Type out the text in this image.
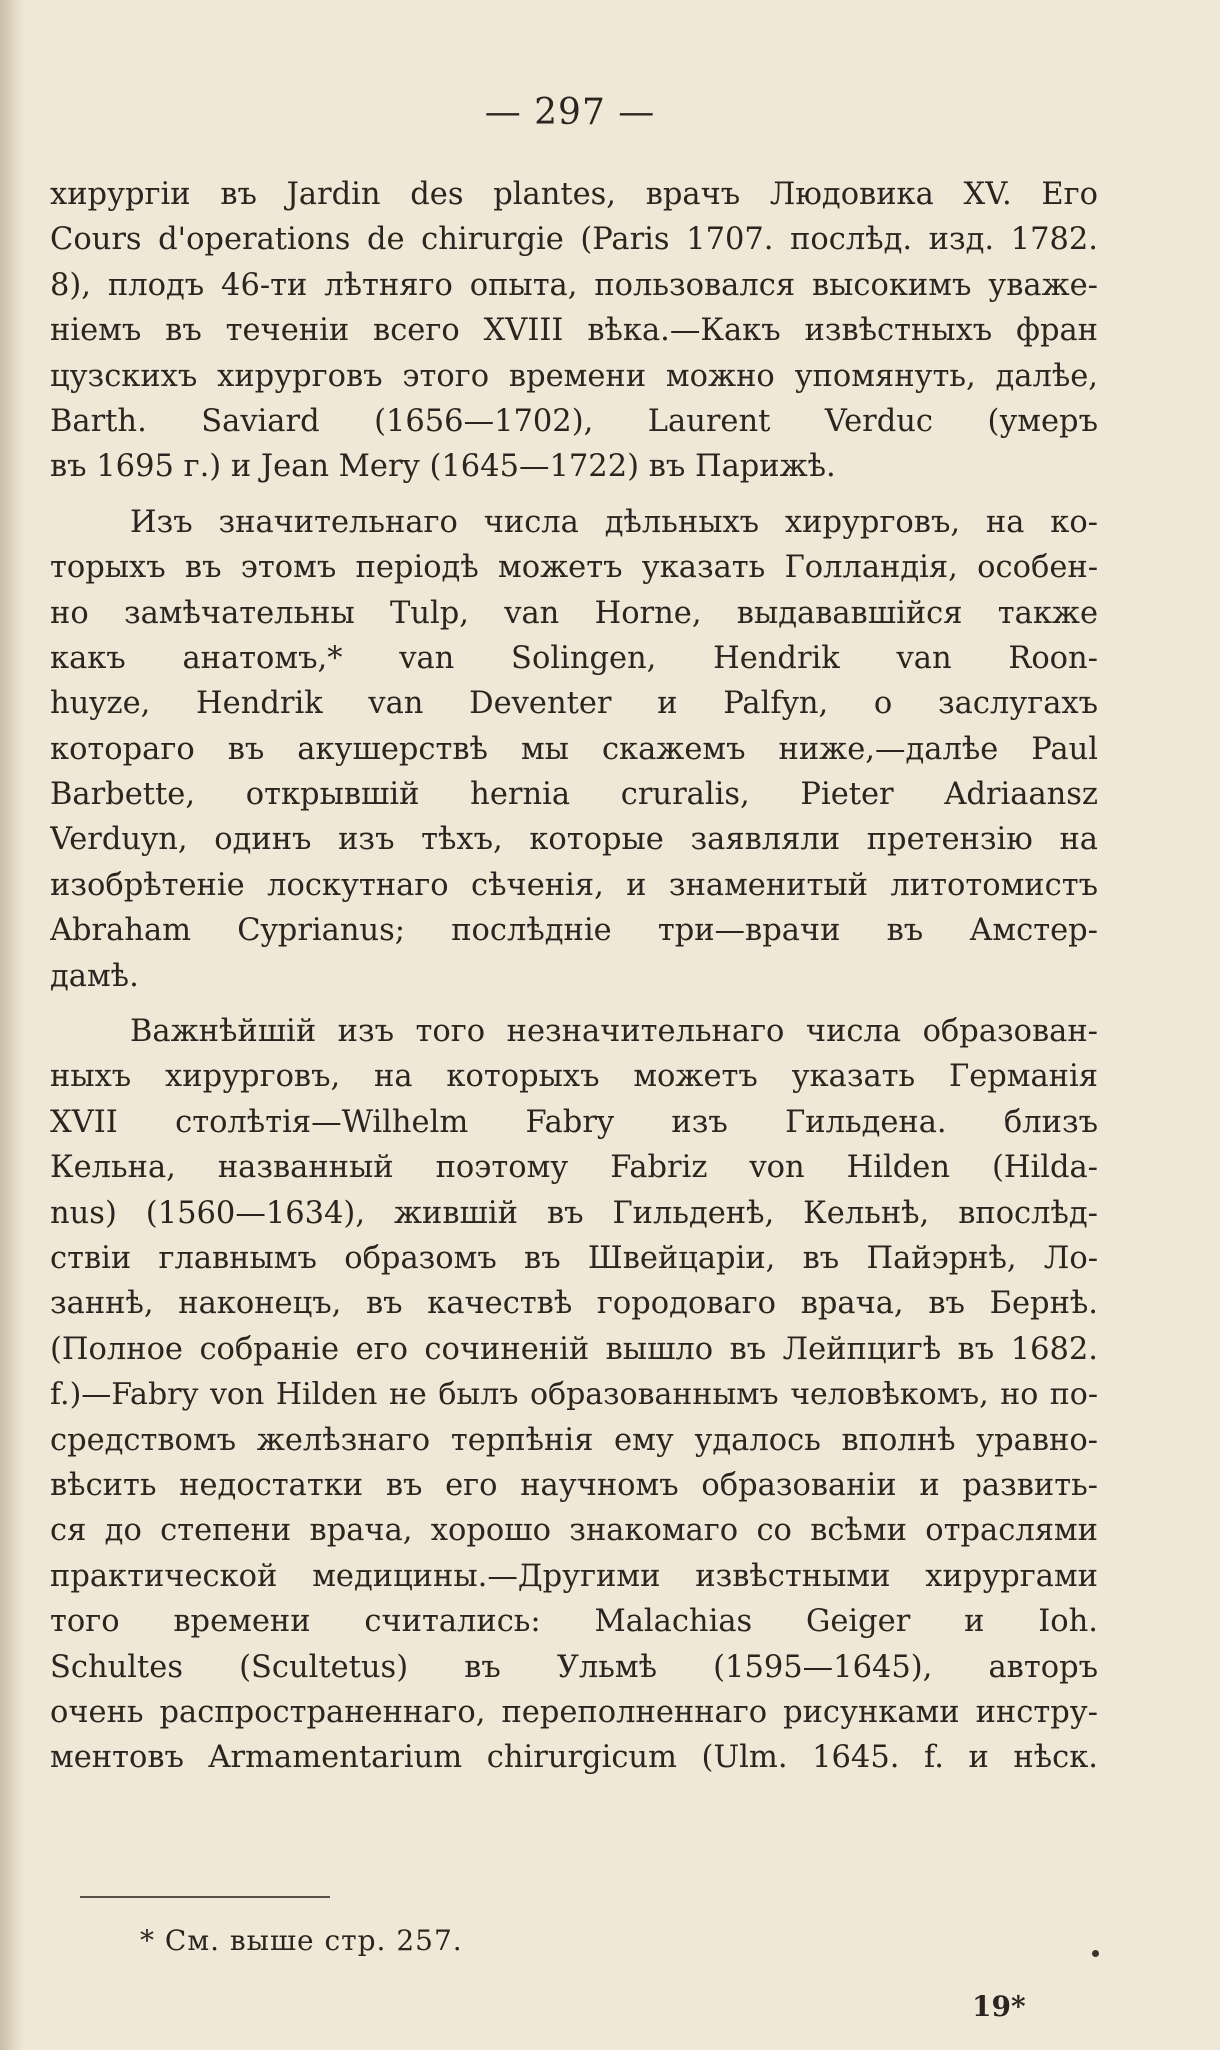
— 297 —
хирургiи въ Jardin des plantes, врачъ Людовика XV. Его
Cours d'operations de chirurgie (Paris 1707. послѣд. изд. 1782.
8), плодъ 46-ти лѣтняго опыта, пользовался высокимъ уваже-
нiемъ въ теченiи всего XVIII вѣка.—Какъ извѣстныхъ фран
цузскихъ хирурговъ этого времени можно упомянуть, далѣе,
Barth. Saviard (1656—1702), Laurent Verduc (умеръ
въ 1695 г.) и Jean Mery (1645—1722) въ Парижѣ.
Изъ значительнаго числа дѣльныхъ хирурговъ, на ко-
торыхъ въ этомъ перiодѣ можетъ указать Голландiя, особен-
но замѣчательны Tulp, van Horne, выдававшiйся также
какъ анатомъ,* van Solingen, Hendrik van Roon-
huyze, Hendrik van Deventer и Palfyn, о заслугахъ
котораго въ акушерствѣ мы скажемъ ниже,—далѣе Paul
Barbette, открывшiй hernia cruralis, Pieter Adriaansz
Verduyn, одинъ изъ тѣхъ, которые заявляли претензiю на
изобрѣтенiе лоскутнаго сѣченiя, и знаменитый литотомистъ
Abraham Cyprianus; послѣднiе три—врачи въ Амстер-
дамѣ.
Важнѣйшiй изъ того незначительнаго числа образован-
ныхъ хирурговъ, на которыхъ можетъ указать Германiя
XVII столѣтiя—Wilhelm Fabry изъ Гильдена. близъ
Кельна, названный поэтому Fabriz von Hilden (Hilda-
nus) (1560—1634), жившiй въ Гильденѣ, Кельнѣ, впослѣд-
ствiи главнымъ образомъ въ Швейцарiи, въ Пайэрнѣ, Ло-
заннѣ, наконецъ, въ качествѣ городоваго врача, въ Бернѣ.
(Полное собранiе его сочиненiй вышло въ Лейпцигѣ въ 1682.
f.)—Fabry von Hilden не былъ образованнымъ человѣкомъ, но по-
средствомъ желѣзнаго терпѣнiя ему удалось вполнѣ уравно-
вѣсить недостатки въ его научномъ образованiи и развить-
ся до степени врача, хорошо знакомаго со всѣми отраслями
практической медицины.—Другими извѣстными хирургами
того времени считались: Malachias Geiger и Ioh.
Schultes (Scultetus) въ Ульмѣ (1595—1645), авторъ
очень распространеннаго, переполненнаго рисунками инстру-
ментовъ Armamentarium chirurgicum (Ulm. 1645. f. и нѣск.
* См. выше стр. 257.
19*
